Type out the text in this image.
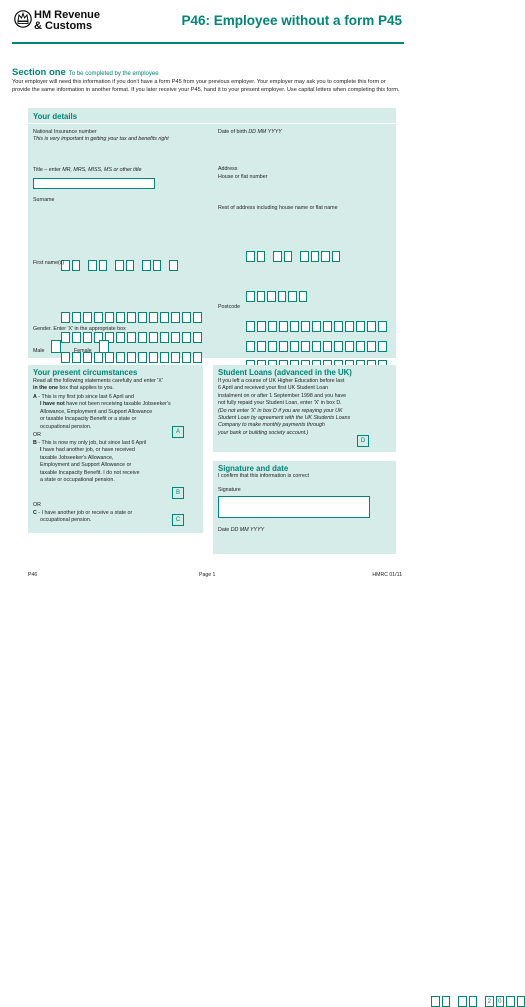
HM Revenue
& Customs	P46: Employee without a form P45
Section one To be completed by the employee
Your employer will need this information if you don't have a form P45 from your previous employer. Your employer may ask you to complete this form or provide the same information in another format. If you later receive your P45, hand it to your present employer. Use capital letters when completing this form.
Your details
National Insurance number
This is very important in getting your tax and benefits right
Date of birth DD MM YYYY
Title – enter MR, MRS, MISS, MS or other title	Address
House or flat number
Surname
Rest of address including house name or flat name
First name(s)
Postcode
Gender. Enter 'X' in the appropriate box
Male	Female
Your present circumstances
Read all the following statements carefully and enter 'X'
in the one box that applies to you.
A - This is my first job since last 6 April and
I have not have not been receiving taxable Jobseeker's
Allowance, Employment and Support Allowance
or taxable Incapacity Benefit or a state or
occupational pension.
A
OR
B - This is now my only job, but since last 6 April
I have had another job, or have received
taxable Jobseeker's Allowance,
Employment and Support Allowance or
taxable Incapacity Benefit. I do not receive
a state or occupational pension.
B
OR
C - I have another job or receive a state or
occupational pension.	C
Student Loans (advanced in the UK)
If you left a course of UK Higher Education before last
6 April and received your first UK Student Loan
instalment on or after 1 September 1998 and you have
not fully repaid your Student Loan, enter 'X' in box D.
(Do not enter 'X' in box D if you are repaying your UK
Student Loan by agreement with the UK Students Loans
Company to make monthly payments through
your bank or building society account.)
D
Signature and date
I confirm that this information is correct
Signature
Date DD MM YYYY
2	0
P46	Page 1	HMRC 01/11
